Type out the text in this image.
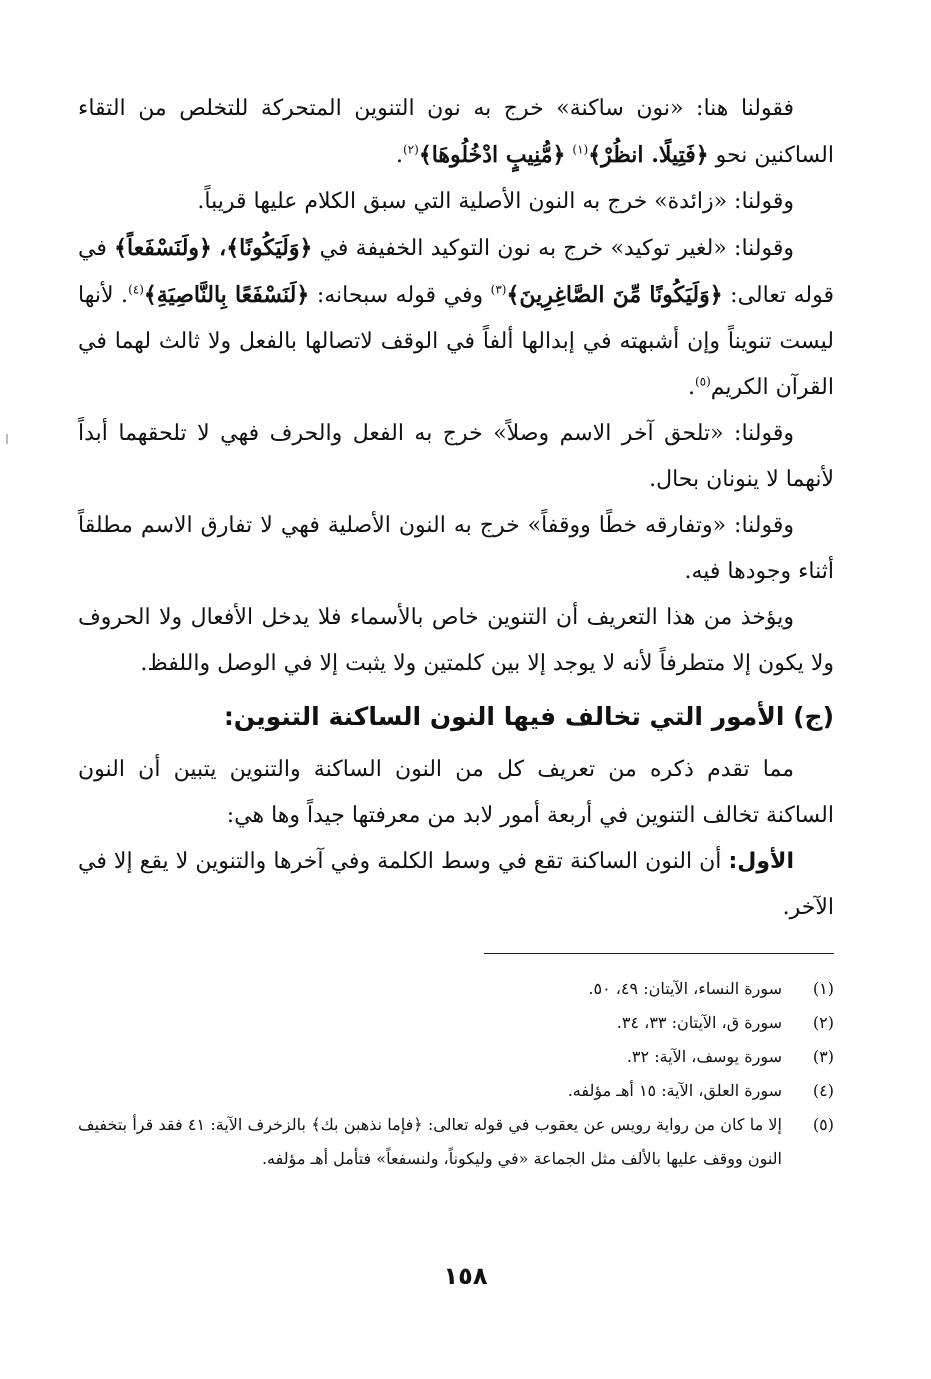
فقولنا هنا: «نون ساكنة» خرج به نون التنوين المتحركة للتخلص من التقاء الساكنين نحو ﴿فَتِيلًا. انظُرْ﴾$^{(١)}$ ﴿مُّنِيبٍ ادْخُلُوهَا﴾$^{(٢)}$.

وقولنا: «زائدة» خرج به النون الأصلية التي سبق الكلام عليها قريباً.

وقولنا: «لغير توكيد» خرج به نون التوكيد الخفيفة في ﴿وَلَيَكُونًا﴾، ﴿ولَنَسْفَعاً﴾ في قوله تعالى: ﴿وَلَيَكُونًا مِّنَ الصَّاغِرِينَ﴾$^{(٣)}$ وفي قوله سبحانه: ﴿لَنَسْفَعًا بِالنَّاصِيَةِ﴾$^{(٤)}$. لأنها ليست تنويناً وإن أشبهته في إبدالها ألفاً في الوقف لاتصالها بالفعل ولا ثالث لهما في القرآن الكريم$^{(٥)}$.

وقولنا: «تلحق آخر الاسم وصلاً» خرج به الفعل والحرف فهي لا تلحقهما أبداً لأنهما لا ينونان بحال.

وقولنا: «وتفارقه خطًا ووقفاً» خرج به النون الأصلية فهي لا تفارق الاسم مطلقاً أثناء وجودها فيه.

ويؤخذ من هذا التعريف أن التنوين خاص بالأسماء فلا يدخل الأفعال ولا الحروف ولا يكون إلا متطرفاً لأنه لا يوجد إلا بين كلمتين ولا يثبت إلا في الوصل واللفظ.

(ج) الأمور التي تخالف فيها النون الساكنة التنوين:

مما تقدم ذكره من تعريف كل من النون الساكنة والتنوين يتبين أن النون الساكنة تخالف التنوين في أربعة أمور لابد من معرفتها جيداً وها هي:

الأول: أن النون الساكنة تقع في وسط الكلمة وفي آخرها والتنوين لا يقع إلا في الآخر.

(١)
سورة النساء، الآيتان: ٤٩، ٥٠.
(٢)
سورة ق، الآيتان: ٣٣، ٣٤.
(٣)
سورة يوسف، الآية: ٣٢.
(٤)
سورة العلق، الآية: ١٥ أهـ مؤلفه.
(٥)
إلا ما كان من رواية رويس عن يعقوب في قوله تعالى: ﴿فإما نذهبن بك﴾ بالزخرف الآية: ٤١ فقد قرأ بتخفيف النون ووقف عليها بالألف مثل الجماعة «في وليكوناً، ولنسفعاً» فتأمل أهـ مؤلفه.
١٥٨
